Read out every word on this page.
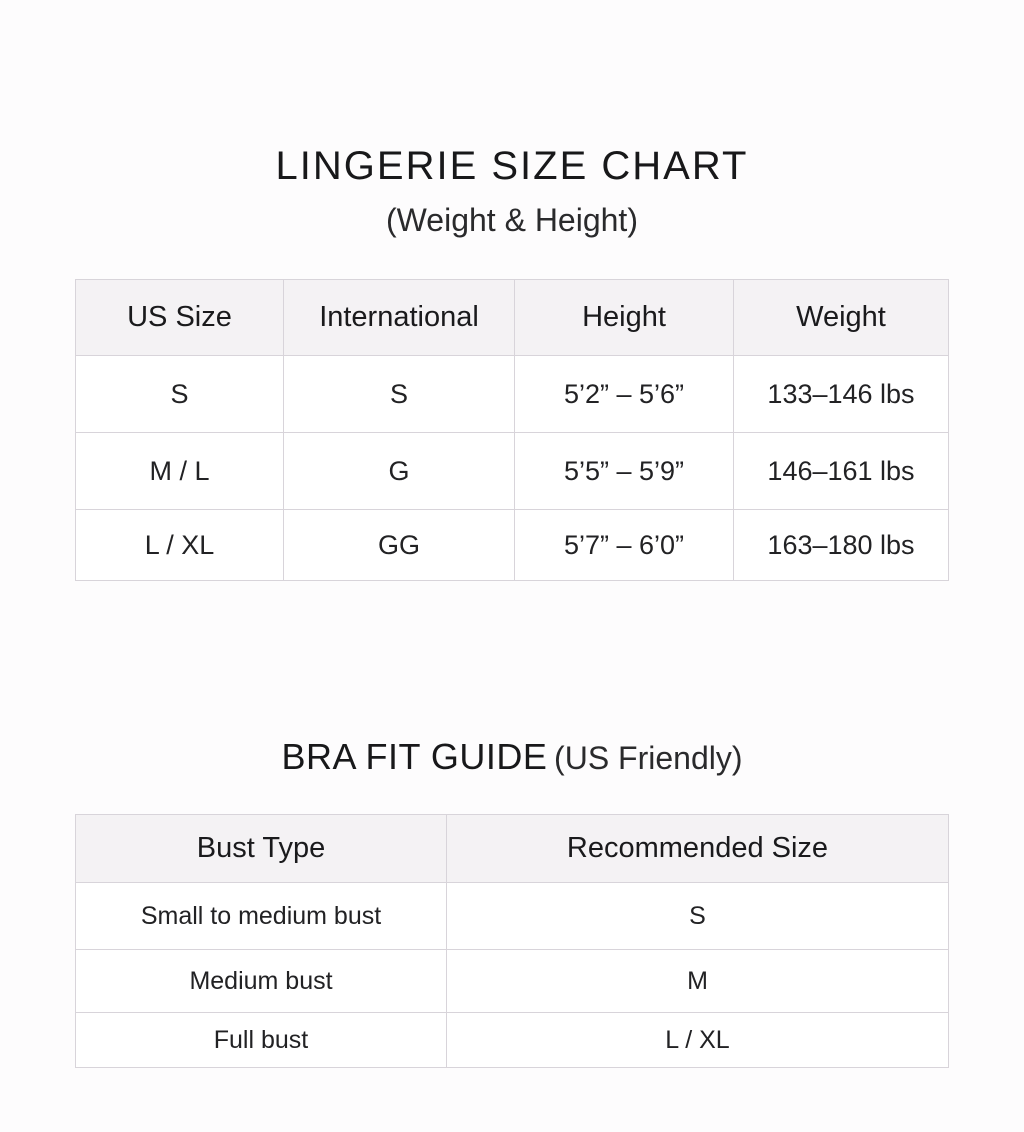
LINGERIE SIZE CHART
(Weight & Height)
US Size	International	Height	Weight
S	S	5’2” – 5’6”	133–146 lbs
M / L	G	5’5” – 5’9”	146–161 lbs
L / XL	GG	5’7” – 6’0”	163–180 lbs
BRA FIT GUIDE (US Friendly)
Bust Type	Recommended Size
Small to medium bust	S
Medium bust	M
Full bust	L / XL
